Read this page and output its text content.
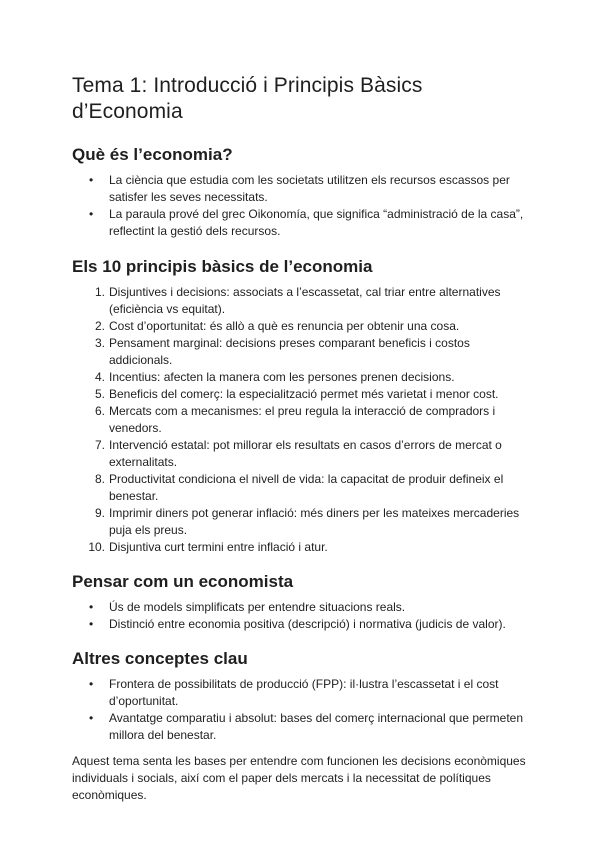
Tema 1: Introducció i Principis Bàsics d’Economia
Què és l’economia?
• La ciència que estudia com les societats utilitzen els recursos escassos per satisfer les seves necessitats.
• La paraula prové del grec Oikonomía, que significa “administració de la casa”, reflectint la gestió dels recursos.
Els 10 principis bàsics de l’economia
1. Disjuntives i decisions: associats a l’escassetat, cal triar entre alternatives (eficiència vs equitat).
2. Cost d’oportunitat: és allò a què es renuncia per obtenir una cosa.
3. Pensament marginal: decisions preses comparant beneficis i costos addicionals.
4. Incentius: afecten la manera com les persones prenen decisions.
5. Beneficis del comerç: la especialització permet més varietat i menor cost.
6. Mercats com a mecanismes: el preu regula la interacció de compradors i venedors.
7. Intervenció estatal: pot millorar els resultats en casos d’errors de mercat o externalitats.
8. Productivitat condiciona el nivell de vida: la capacitat de produir defineix el benestar.
9. Imprimir diners pot generar inflació: més diners per les mateixes mercaderies puja els preus.
10. Disjuntiva curt termini entre inflació i atur.
Pensar com un economista
• Ús de models simplificats per entendre situacions reals.
• Distinció entre economia positiva (descripció) i normativa (judicis de valor).
Altres conceptes clau
• Frontera de possibilitats de producció (FPP): il·lustra l’escassetat i el cost d’oportunitat.
• Avantatge comparatiu i absolut: bases del comerç internacional que permeten millora del benestar.

Aquest tema senta les bases per entendre com funcionen les decisions econòmiques individuals i socials, així com el paper dels mercats i la necessitat de polítiques econòmiques.
